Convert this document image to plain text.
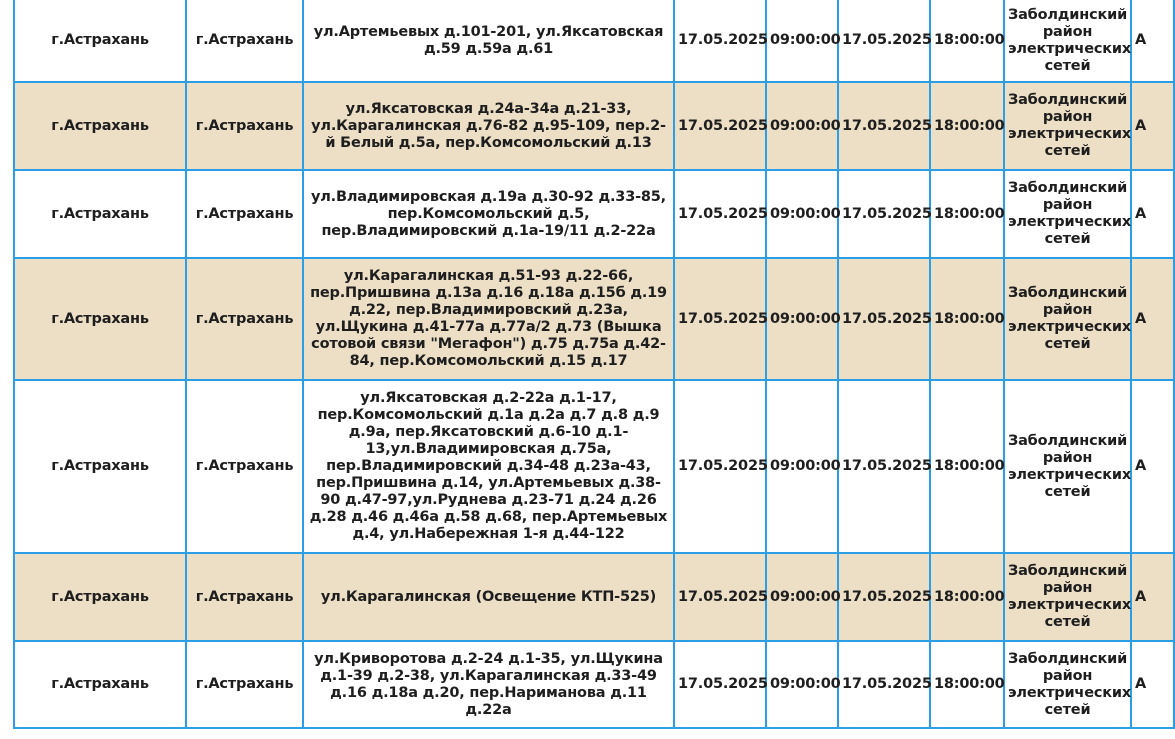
г.Астрахань	г.Астрахань	ул.Артемьевых д.101-201, ул.Яксатовская д.59 д.59а д.61	17.05.2025	09:00:00	17.05.2025	18:00:00	Заболдинский район электрических сетей	А
г.Астрахань	г.Астрахань	ул.Яксатовская д.24а-34а д.21-33, ул.Карагалинская д.76-82 д.95-109, пер.2-й Белый д.5а, пер.Комсомольский д.13	17.05.2025	09:00:00	17.05.2025	18:00:00	Заболдинский район электрических сетей	А
г.Астрахань	г.Астрахань	ул.Владимировская д.19а д.30-92 д.33-85, пер.Комсомольский д.5, пер.Владимировский д.1а-19/11 д.2-22а	17.05.2025	09:00:00	17.05.2025	18:00:00	Заболдинский район электрических сетей	А
г.Астрахань	г.Астрахань	ул.Карагалинская д.51-93 д.22-66, пер.Пришвина д.13а д.16 д.18а д.15б д.19 д.22, пер.Владимировский д.23а, ул.Щукина д.41-77а д.77а/2 д.73 (Вышка сотовой связи "Мегафон") д.75 д.75а д.42-84, пер.Комсомольский д.15 д.17	17.05.2025	09:00:00	17.05.2025	18:00:00	Заболдинский район электрических сетей	А
г.Астрахань	г.Астрахань	ул.Яксатовская д.2-22а д.1-17, пер.Комсомольский д.1а д.2а д.7 д.8 д.9 д.9а, пер.Яксатовский д.6-10 д.1-13,ул.Владимировская д.75а, пер.Владимировский д.34-48 д.23а-43, пер.Пришвина д.14, ул.Артемьевых д.38-90 д.47-97,ул.Руднева д.23-71 д.24 д.26 д.28 д.46 д.46а д.58 д.68, пер.Артемьевых д.4, ул.Набережная 1-я д.44-122	17.05.2025	09:00:00	17.05.2025	18:00:00	Заболдинский район электрических сетей	А
г.Астрахань	г.Астрахань	ул.Карагалинская (Освещение КТП-525)	17.05.2025	09:00:00	17.05.2025	18:00:00	Заболдинский район электрических сетей	А
г.Астрахань	г.Астрахань	ул.Криворотова д.2-24 д.1-35, ул.Щукина д.1-39 д.2-38, ул.Карагалинская д.33-49 д.16 д.18а д.20, пер.Нариманова д.11 д.22а	17.05.2025	09:00:00	17.05.2025	18:00:00	Заболдинский район электрических сетей	А
